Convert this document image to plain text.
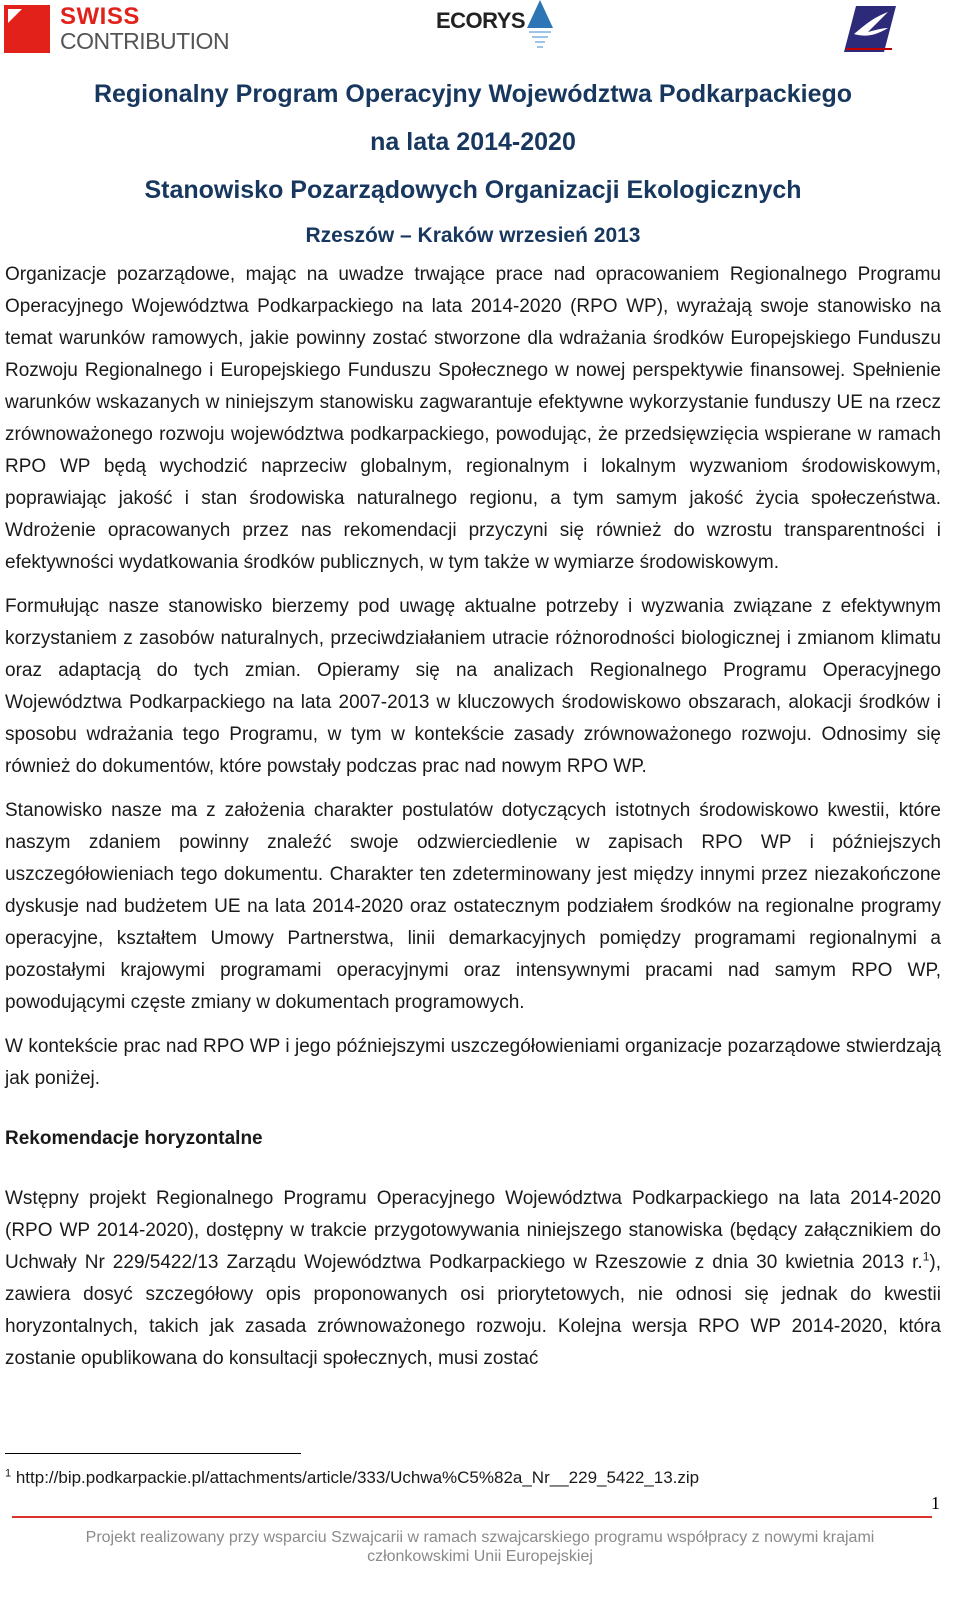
SWISS
CONTRIBUTION
ECORYS
Regionalny Program Operacyjny Województwa Podkarpackiego
na lata 2014-2020
Stanowisko Pozarządowych Organizacji Ekologicznych
Rzeszów – Kraków wrzesień 2013

Organizacje pozarządowe, mając na uwadze trwające prace nad opracowaniem Regionalnego Programu Operacyjnego Województwa Podkarpackiego na lata 2014-2020 (RPO WP), wyrażają swoje stanowisko na temat warunków ramowych, jakie powinny zostać stworzone dla wdrażania środków Europejskiego Funduszu Rozwoju Regionalnego i Europejskiego Funduszu Społecznego w nowej perspektywie finansowej. Spełnienie warunków wskazanych w niniejszym stanowisku zagwarantuje efektywne wykorzystanie funduszy UE na rzecz zrównoważonego rozwoju województwa podkarpackiego, powodując, że przedsięwzięcia wspierane w ramach RPO WP będą wychodzić naprzeciw globalnym, regionalnym i lokalnym wyzwaniom środowiskowym, poprawiając jakość i stan środowiska naturalnego regionu, a tym samym jakość życia społeczeństwa. Wdrożenie opracowanych przez nas rekomendacji przyczyni się również do wzrostu transparentności i efektywności wydatkowania środków publicznych, w tym także w wymiarze środowiskowym.

Formułując nasze stanowisko bierzemy pod uwagę aktualne potrzeby i wyzwania związane z efektywnym korzystaniem z zasobów naturalnych, przeciwdziałaniem utracie różnorodności biologicznej i zmianom klimatu oraz adaptacją do tych zmian. Opieramy się na analizach Regionalnego Programu Operacyjnego Województwa Podkarpackiego na lata 2007-2013 w kluczowych środowiskowo obszarach, alokacji środków i sposobu wdrażania tego Programu, w tym w kontekście zasady zrównoważonego rozwoju. Odnosimy się również do dokumentów, które powstały podczas prac nad nowym RPO WP.

Stanowisko nasze ma z założenia charakter postulatów dotyczących istotnych środowiskowo kwestii, które naszym zdaniem powinny znaleźć swoje odzwierciedlenie w zapisach RPO WP i późniejszych uszczegółowieniach tego dokumentu. Charakter ten zdeterminowany jest między innymi przez niezakończone dyskusje nad budżetem UE na lata 2014-2020 oraz ostatecznym podziałem środków na regionalne programy operacyjne, kształtem Umowy Partnerstwa, linii demarkacyjnych pomiędzy programami regionalnymi a pozostałymi krajowymi programami operacyjnymi oraz intensywnymi pracami nad samym RPO WP, powodującymi częste zmiany w dokumentach programowych.

W kontekście prac nad RPO WP i jego późniejszymi uszczegółowieniami organizacje pozarządowe stwierdzają jak poniżej.

Rekomendacje horyzontalne

Wstępny projekt Regionalnego Programu Operacyjnego Województwa Podkarpackiego na lata 2014-2020 (RPO WP 2014-2020), dostępny w trakcie przygotowywania niniejszego stanowiska (będący załącznikiem do Uchwały Nr 229/5422/13 Zarządu Województwa Podkarpackiego w Rzeszowie z dnia 30 kwietnia 2013 r.$^1$), zawiera dosyć szczegółowy opis proponowanych osi priorytetowych, nie odnosi się jednak do kwestii horyzontalnych, takich jak zasada zrównoważonego rozwoju. Kolejna wersja RPO WP 2014-2020, która zostanie opublikowana do konsultacji społecznych, musi zostać

$^1$ http://bip.podkarpackie.pl/attachments/article/333/Uchwa%C5%82a_Nr__229_5422_13.zip
1
Projekt realizowany przy wsparciu Szwajcarii w ramach szwajcarskiego programu współpracy z nowymi krajami
członkowskimi Unii Europejskiej
